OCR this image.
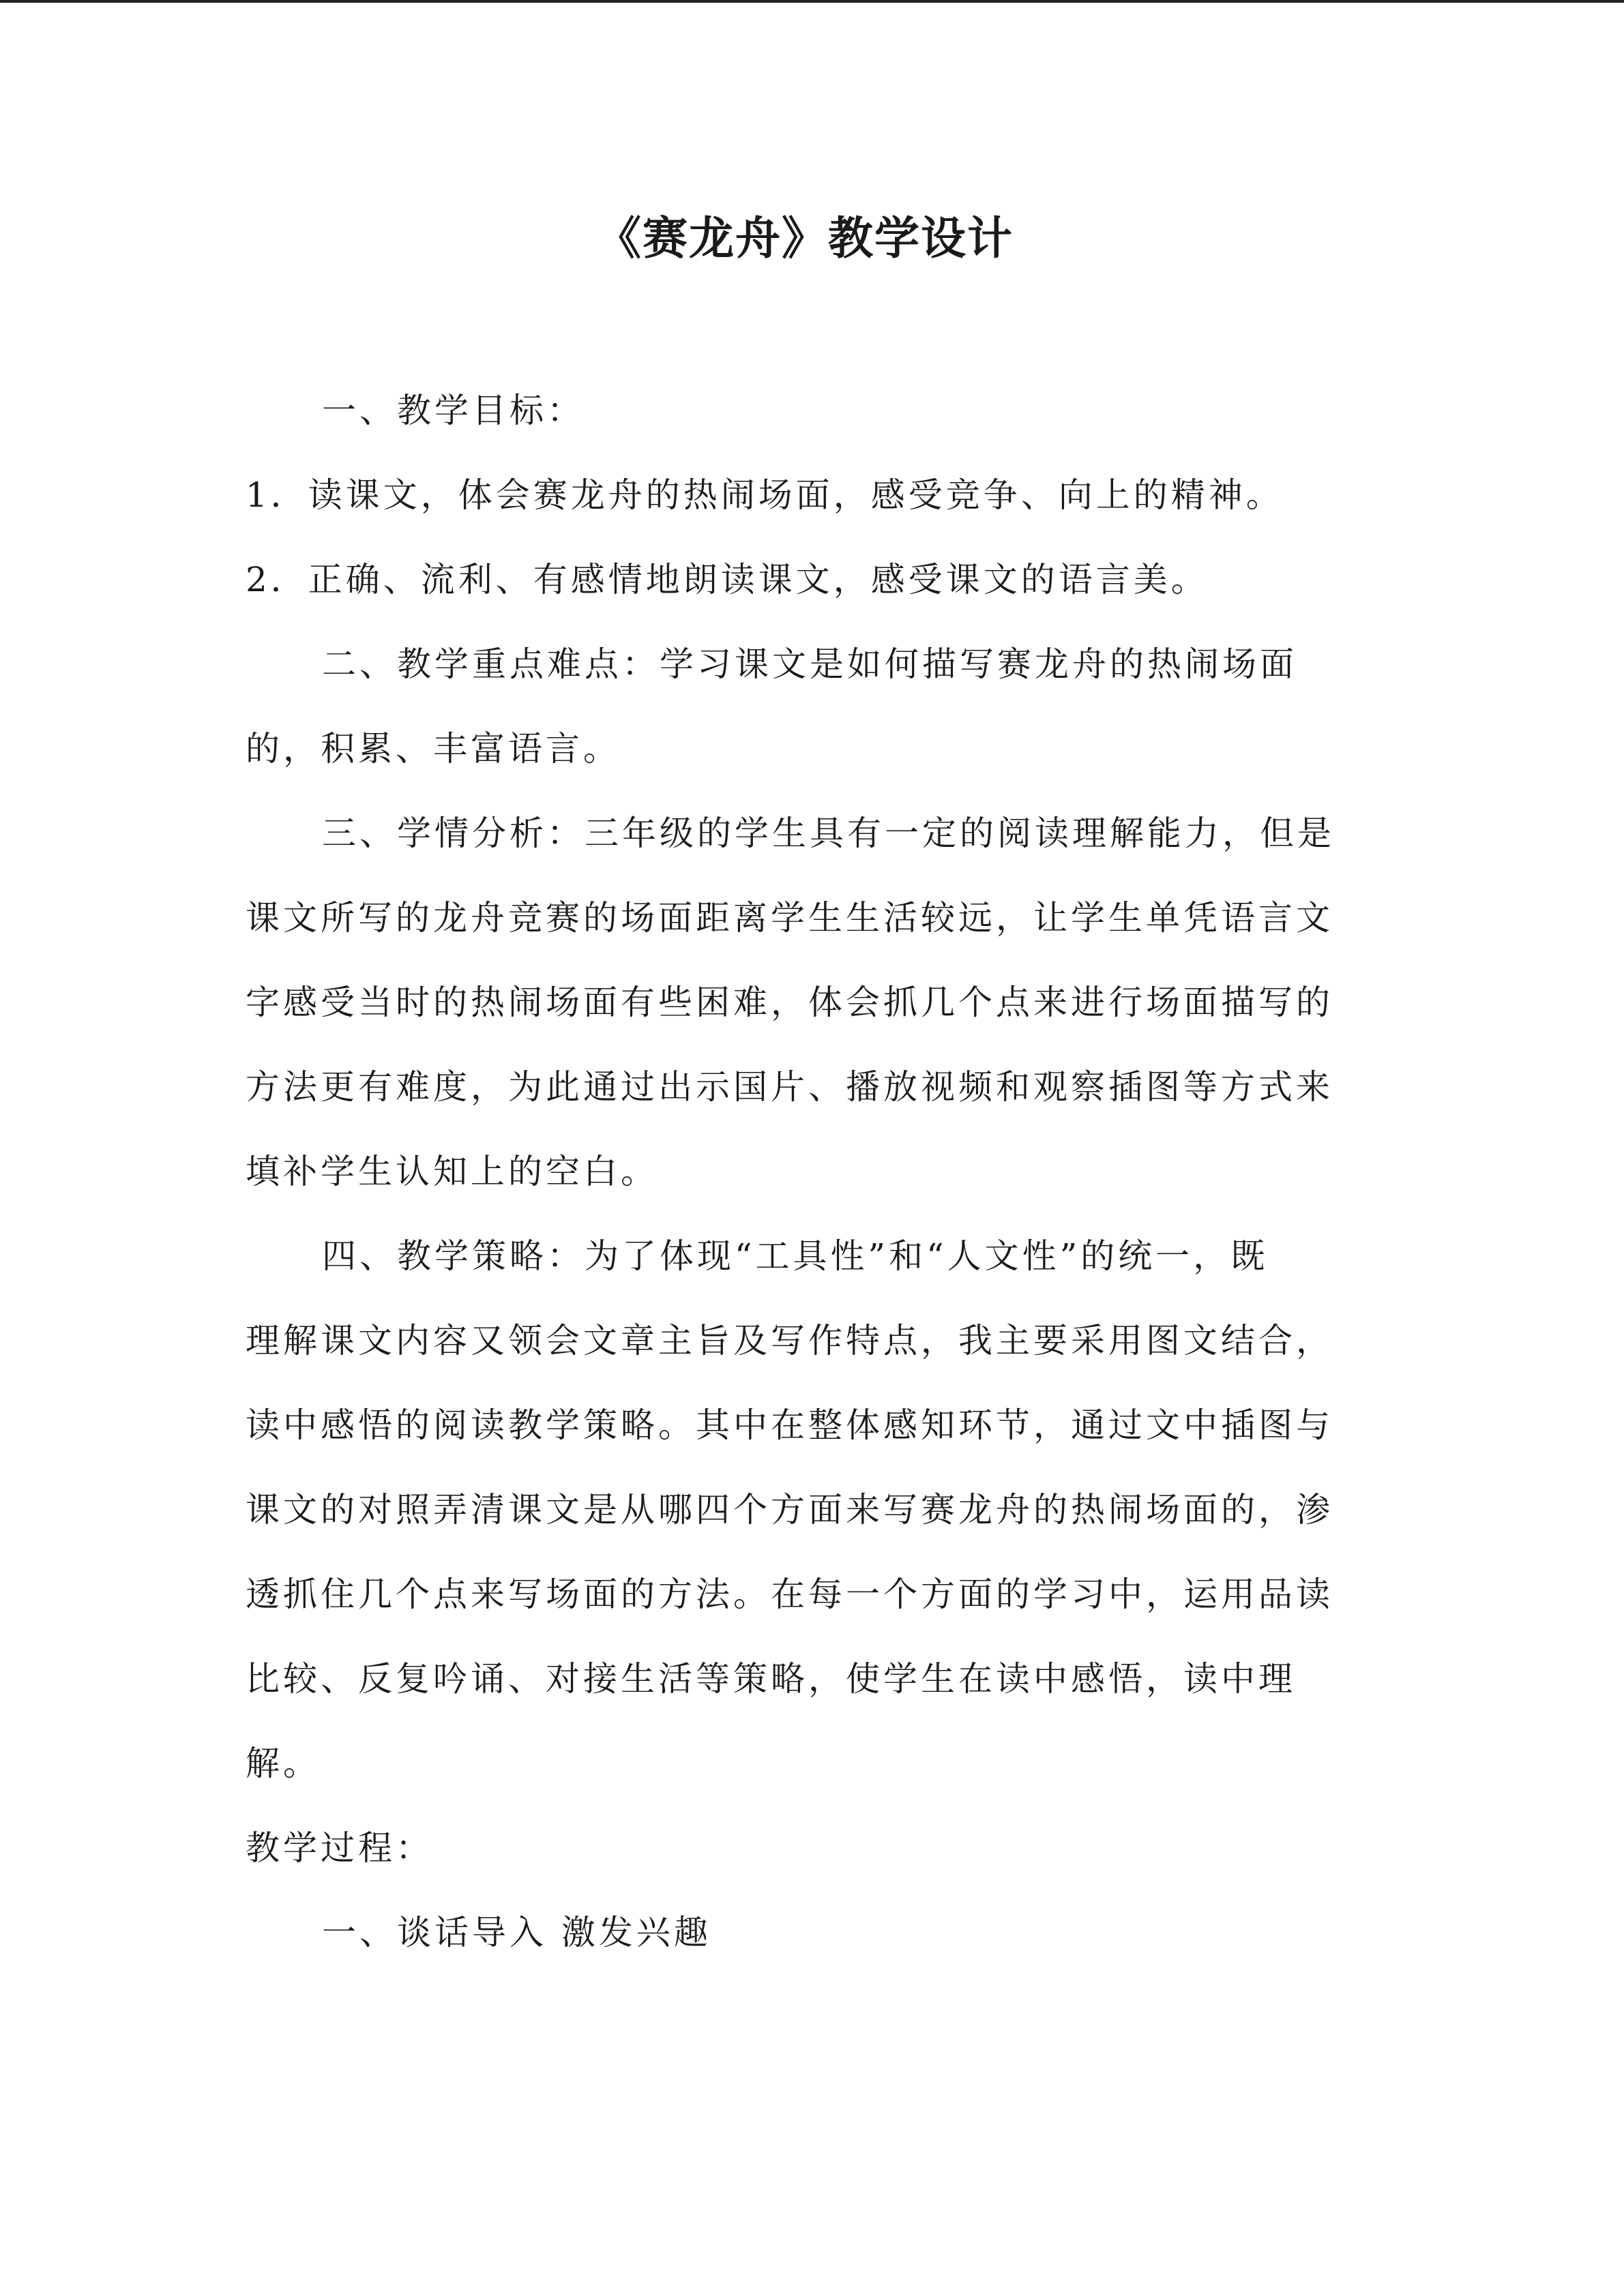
《赛龙舟》教学设计
一、教学目标：
1．读课文，体会赛龙舟的热闹场面，感受竞争、向上的精神。
2．正确、流利、有感情地朗读课文，感受课文的语言美。
二、教学重点难点：学习课文是如何描写赛龙舟的热闹场面
的，积累、丰富语言。
三、学情分析：三年级的学生具有一定的阅读理解能力，但是
课文所写的龙舟竞赛的场面距离学生生活较远，让学生单凭语言文
字感受当时的热闹场面有些困难，体会抓几个点来进行场面描写的
方法更有难度，为此通过出示国片、播放视频和观察插图等方式来
填补学生认知上的空白。
四、教学策略：为了体现“工具性”和“人文性”的统一，既
理解课文内容又领会文章主旨及写作特点，我主要采用图文结合，
读中感悟的阅读教学策略。其中在整体感知环节，通过文中插图与
课文的对照弄清课文是从哪四个方面来写赛龙舟的热闹场面的，渗
透抓住几个点来写场面的方法。在每一个方面的学习中，运用品读
比较、反复吟诵、对接生活等策略，使学生在读中感悟，读中理
解。
教学过程：
一、谈话导入 激发兴趣
